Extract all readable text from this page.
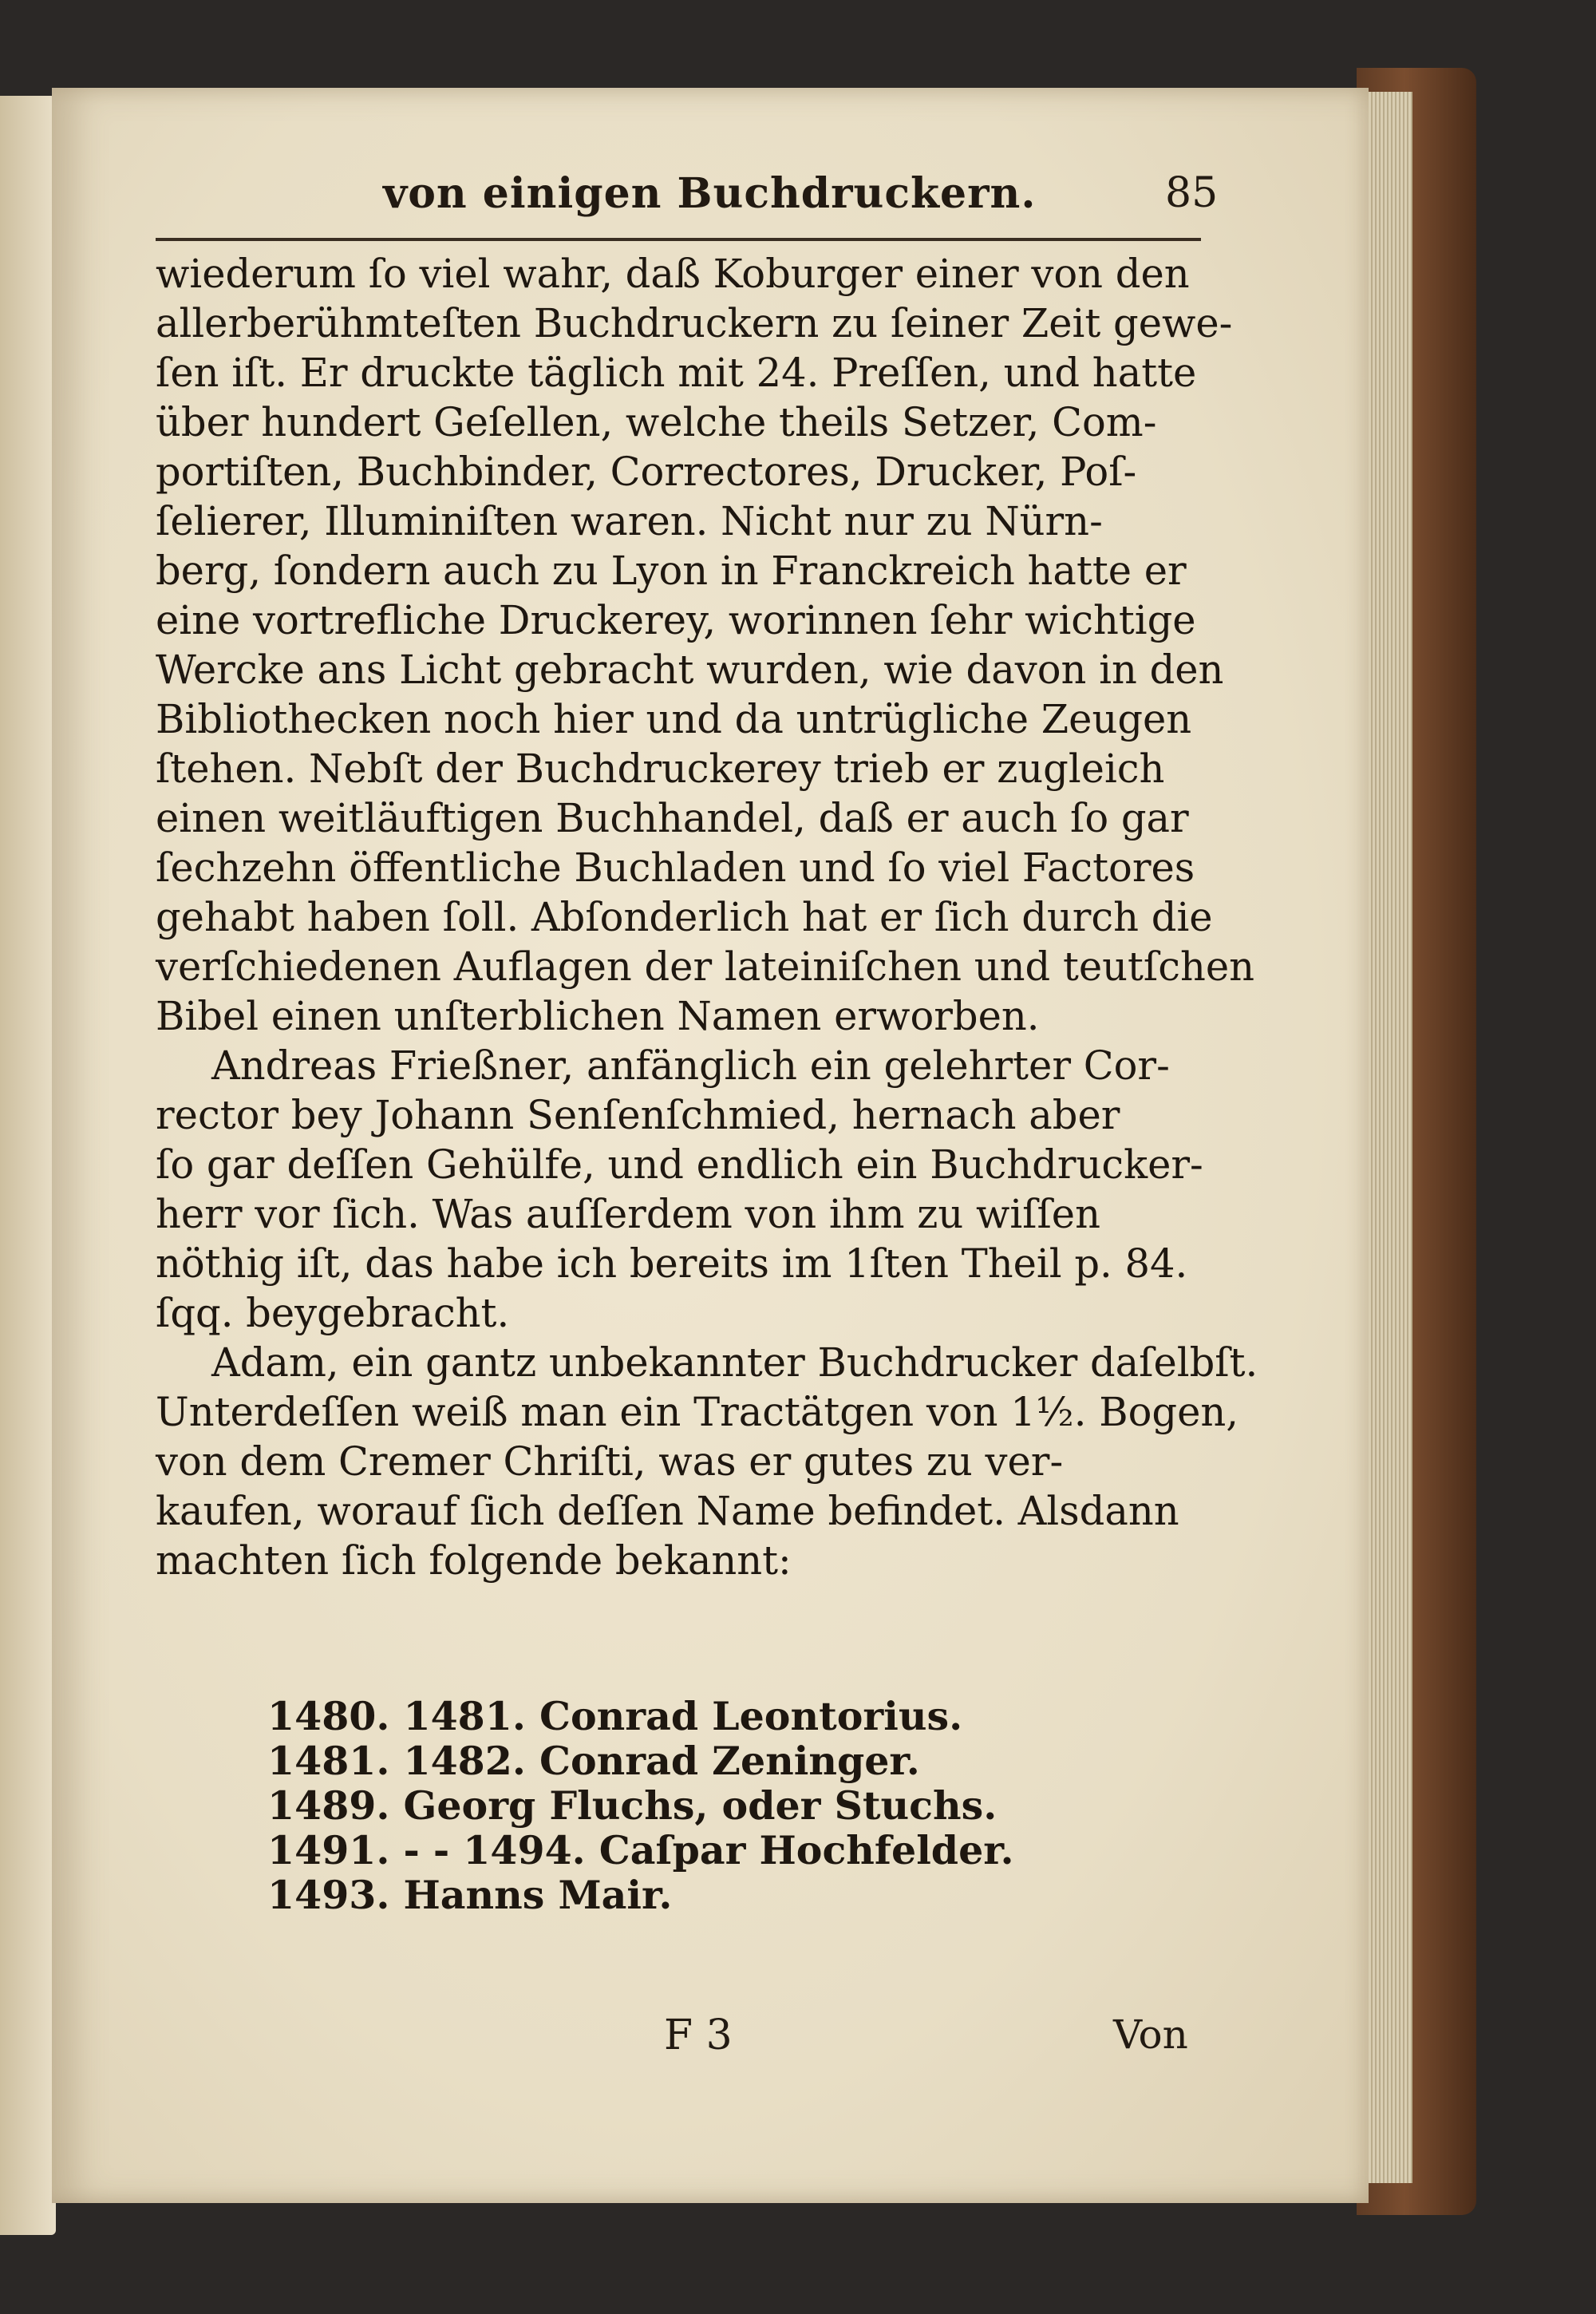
von einigen Buchdruckern.	85
wiederum ſo viel wahr, daß Koburger einer von den
allerberühmteſten Buchdruckern zu ſeiner Zeit gewe-
ſen iſt. Er druckte täglich mit 24. Preſſen, und hatte
über hundert Geſellen, welche theils Setzer, Com-
portiſten, Buchbinder, Correctores, Drucker, Poſ-
ſelierer, Illuminiſten waren. Nicht nur zu Nürn-
berg, ſondern auch zu Lyon in Franckreich hatte er
eine vortrefliche Druckerey, worinnen ſehr wichtige
Wercke ans Licht gebracht wurden, wie davon in den
Bibliothecken noch hier und da untrügliche Zeugen
ſtehen. Nebſt der Buchdruckerey trieb er zugleich
einen weitläuftigen Buchhandel, daß er auch ſo gar
ſechzehn öffentliche Buchladen und ſo viel Factores
gehabt haben ſoll. Abſonderlich hat er ſich durch die
verſchiedenen Auflagen der lateiniſchen und teutſchen
Bibel einen unſterblichen Namen erworben.
Andreas Frießner, anfänglich ein gelehrter Cor-
rector bey Johann Senſenſchmied, hernach aber
ſo gar deſſen Gehülfe, und endlich ein Buchdrucker-
herr vor ſich. Was auſſerdem von ihm zu wiſſen
nöthig iſt, das habe ich bereits im 1ſten Theil p. 84.
ſqq. beygebracht.
Adam, ein gantz unbekannter Buchdrucker daſelbſt.
Unterdeſſen weiß man ein Tractätgen von 1½. Bogen,
von dem Cremer Chriſti, was er gutes zu ver-
kaufen, worauf ſich deſſen Name befindet. Alsdann
machten ſich folgende bekannt:
1480. 1481. Conrad Leontorius.
1481. 1482. Conrad Zeninger.
1489. Georg Fluchs, oder Stuchs.
1491. - - 1494. Caſpar Hochfelder.
1493. Hanns Mair.
F 3	Von
